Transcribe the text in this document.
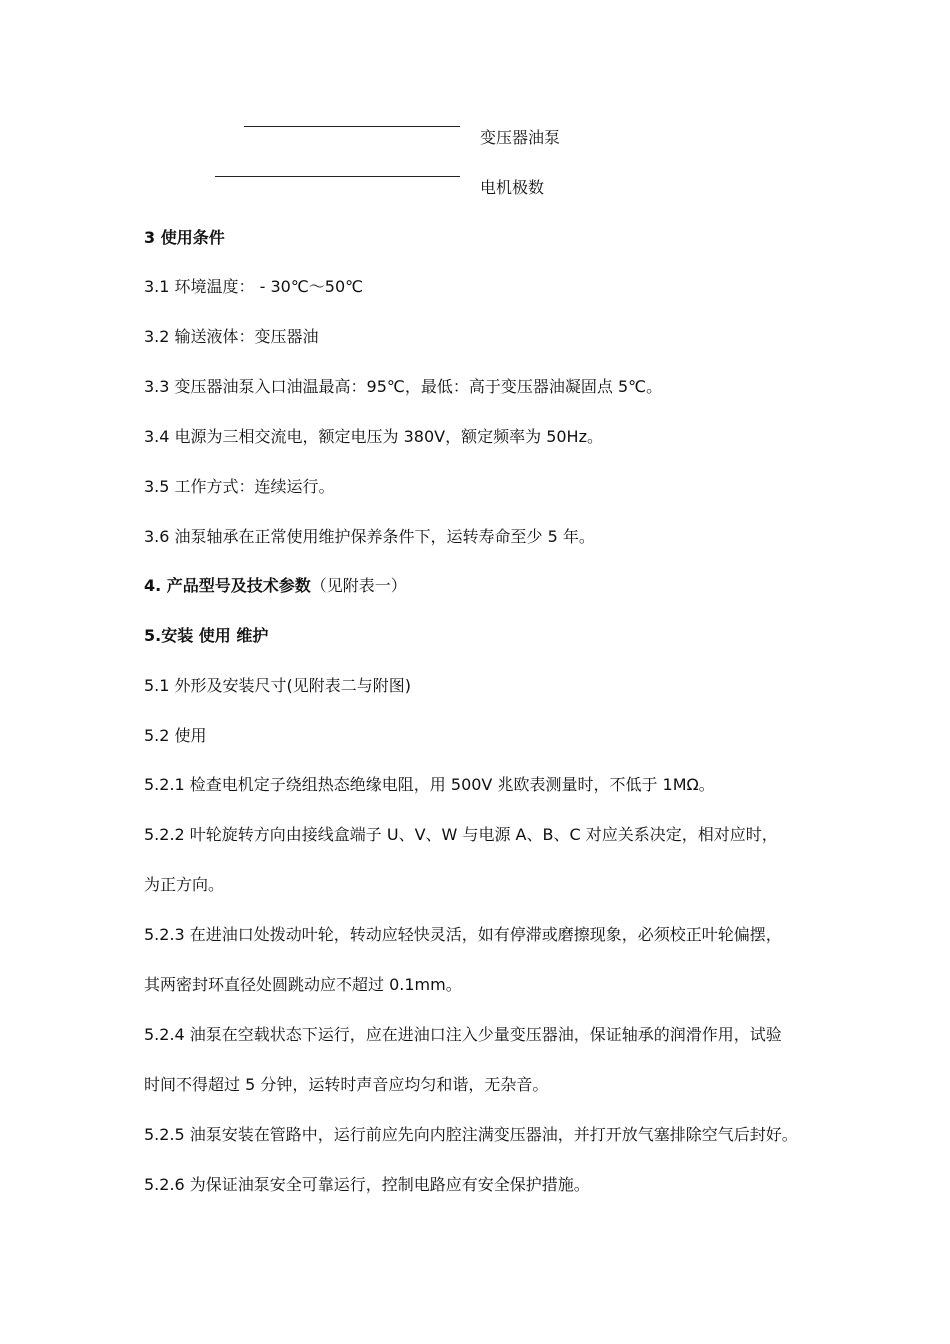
变压器油泵
电机极数
3 使用条件
3.1 环境温度： - 30℃～50℃
3.2 输送液体：变压器油
3.3 变压器油泵入口油温最高：95℃，最低：高于变压器油凝固点 5℃。
3.4 电源为三相交流电，额定电压为 380V，额定频率为 50Hz。
3.5 工作方式：连续运行。
3.6 油泵轴承在正常使用维护保养条件下，运转寿命至少 5 年。
4. 产品型号及技术参数（见附表一）
5.安装 使用 维护
5.1 外形及安装尺寸(见附表二与附图)
5.2 使用
5.2.1 检查电机定子绕组热态绝缘电阻，用 500V 兆欧表测量时，不低于 1MΩ。
5.2.2 叶轮旋转方向由接线盒端子 U、V、W 与电源 A、B、C 对应关系决定，相对应时，
为正方向。
5.2.3 在进油口处拨动叶轮，转动应轻快灵活，如有停滞或磨擦现象，必须校正叶轮偏摆，
其两密封环直径处圆跳动应不超过 0.1mm。
5.2.4 油泵在空载状态下运行，应在进油口注入少量变压器油，保证轴承的润滑作用，试验
时间不得超过 5 分钟，运转时声音应均匀和谐，无杂音。
5.2.5 油泵安装在管路中，运行前应先向内腔注满变压器油，并打开放气塞排除空气后封好。
5.2.6 为保证油泵安全可靠运行，控制电路应有安全保护措施。
